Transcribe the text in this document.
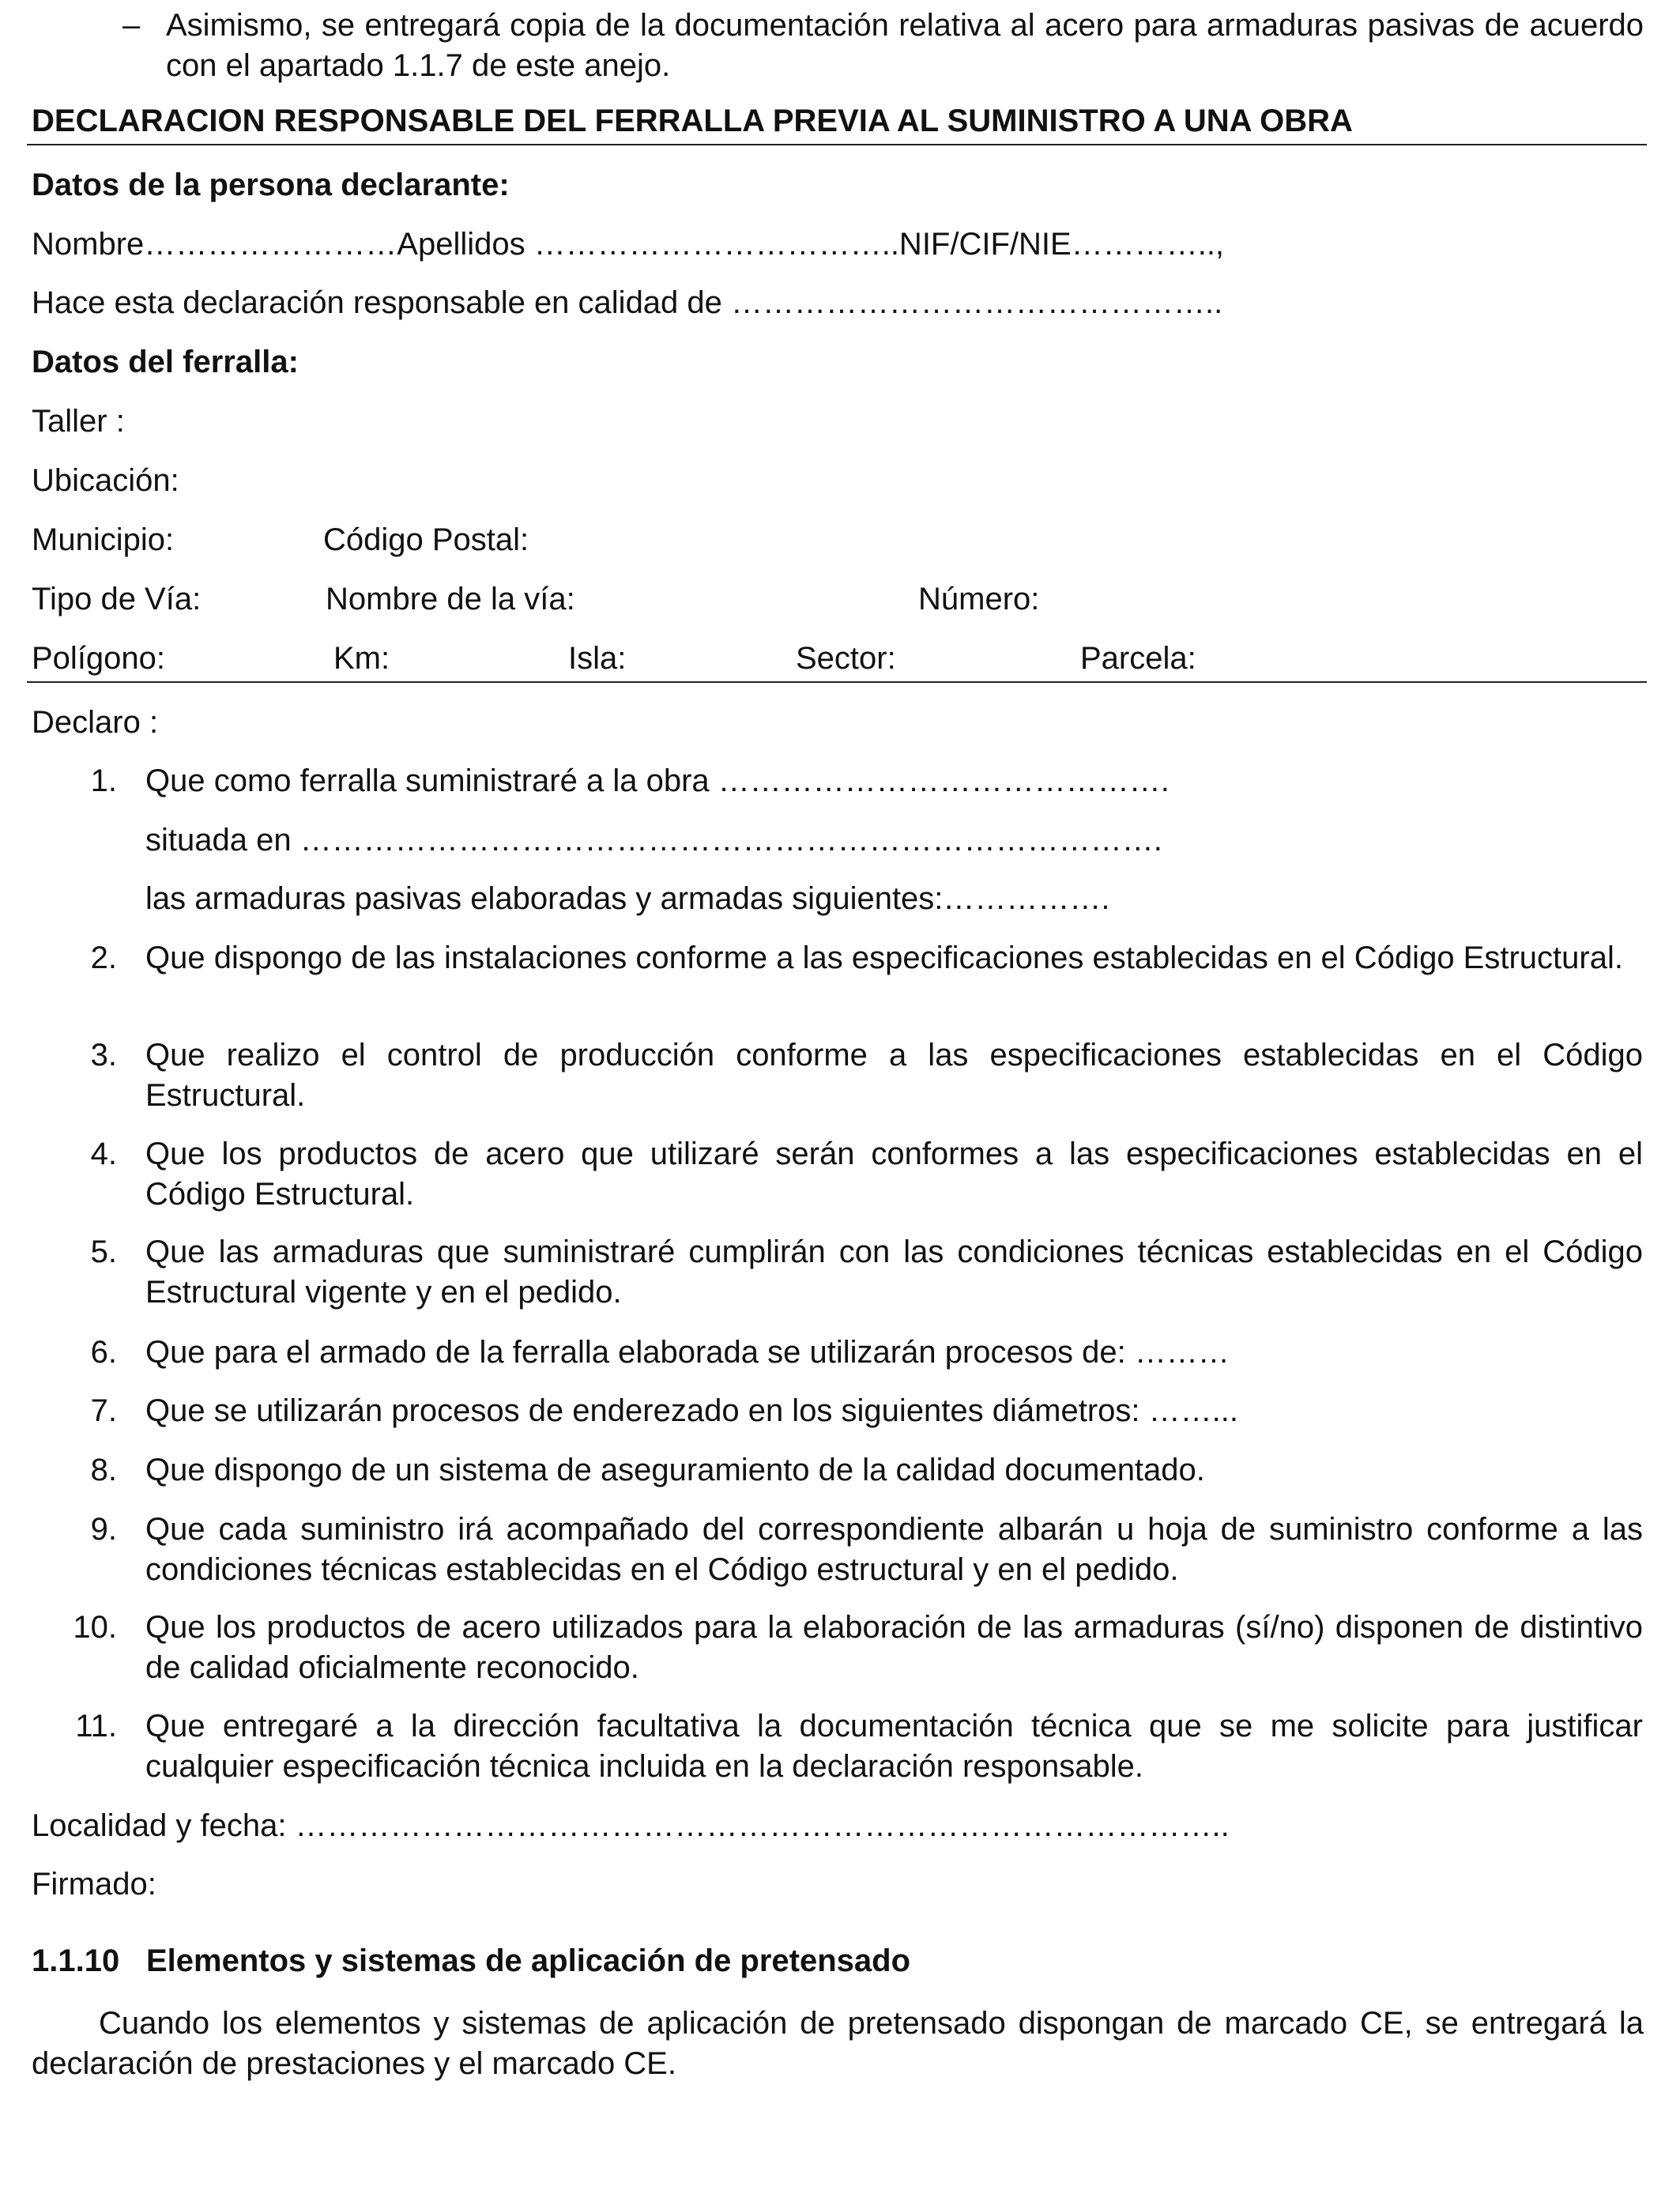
– Asimismo, se entregará copia de la documentación relativa al acero para armaduras pasivas de acuerdo con el apartado 1.1.7 de este anejo.
DECLARACION RESPONSABLE DEL FERRALLA PREVIA AL SUMINISTRO A UNA OBRA
Datos de la persona declarante:
Nombre……………………Apellidos ……………………………..NIF/CIF/NIE…………..,
Hace esta declaración responsable en calidad de ………………………………………..
Datos del ferralla:
Taller :
Ubicación:
Municipio:	Código Postal:
Tipo de Vía:	Nombre de la vía:	Número:
Polígono:	Km:	Isla:	Sector:	Parcela:
Declaro :
1. Que como ferralla suministraré a la obra …………………………………….
situada en ……………………………………………………………………….
las armaduras pasivas elaboradas y armadas siguientes:…………….
2. Que dispongo de las instalaciones conforme a las especificaciones establecidas en el Código Estructural.
3. Que realizo el control de producción conforme a las especificaciones establecidas en el Código Estructural.
4. Que los productos de acero que utilizaré serán conformes a las especificaciones establecidas en el Código Estructural.
5. Que las armaduras que suministraré cumplirán con las condiciones técnicas establecidas en el Código Estructural vigente y en el pedido.
6. Que para el armado de la ferralla elaborada se utilizarán procesos de: ………
7. Que se utilizarán procesos de enderezado en los siguientes diámetros: ……...
8. Que dispongo de un sistema de aseguramiento de la calidad documentado.
9. Que cada suministro irá acompañado del correspondiente albarán u hoja de suministro conforme a las condiciones técnicas establecidas en el Código estructural y en el pedido.
10. Que los productos de acero utilizados para la elaboración de las armaduras (sí/no) disponen de distintivo de calidad oficialmente reconocido.
11. Que entregaré a la dirección facultativa la documentación técnica que se me solicite para justificar cualquier especificación técnica incluida en la declaración responsable.
Localidad y fecha: ……………………………………………………………………………..
Firmado:
1.1.10 Elementos y sistemas de aplicación de pretensado
Cuando los elementos y sistemas de aplicación de pretensado dispongan de marcado CE, se entregará la declaración de prestaciones y el marcado CE.
